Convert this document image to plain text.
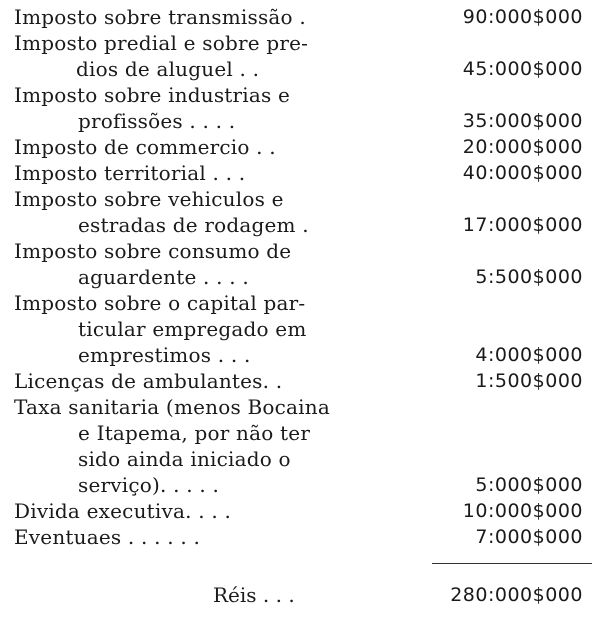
Imposto sobre transmissão .	90:000$000
Imposto predial e sobre pre-
dios de aluguel . .	45:000$000
Imposto sobre industrias e
profissões . . . .	35:000$000
Imposto de commercio . .	20:000$000
Imposto territorial . . .	40:000$000
Imposto sobre vehiculos e
estradas de rodagem .	17:000$000
Imposto sobre consumo de
aguardente . . . .	5:500$000
Imposto sobre o capital par-
ticular empregado em
emprestimos . . .	4:000$000
Licenças de ambulantes. .	1:500$000
Taxa sanitaria (menos Bocaina
e Itapema, por não ter
sido ainda iniciado o
serviço). . . . .	5:000$000
Divida executiva. . . .	10:000$000
Eventuaes . . . . . .	7:000$000
Réis . . .	280:000$000
